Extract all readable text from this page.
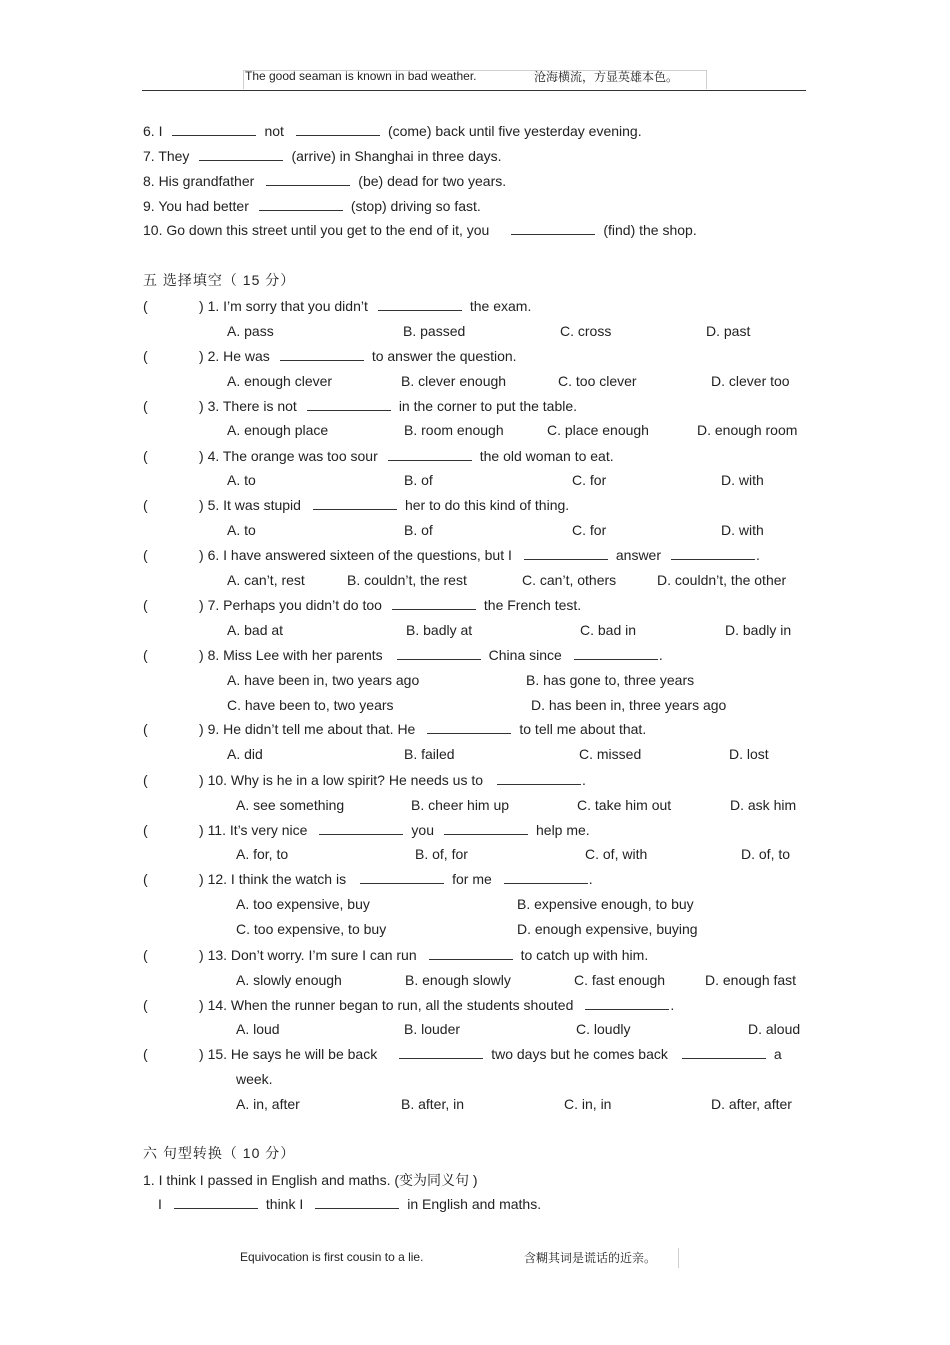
The good seaman is known in bad weather.	沧海横流，方显英雄本色。
6. I	not	(come) back until five yesterday evening.
7. They	(arrive) in Shanghai in three days.
8. His grandfather	(be) dead for two years.
9. You had better	(stop) driving so fast.
10. Go down this street until you get to the end of it, you	(find) the shop.
五 选择填空（ 15 分）
(	) 1. I’m sorry that you didn’t	the exam.
A. pass	B. passed	C. cross	D. past
(	) 2. He was	to answer the question.
A. enough clever	B. clever enough	C. too clever	D. clever too
(	) 3. There is not	in the corner to put the table.
A. enough place	B. room enough	C. place enough	D. enough room
(	) 4. The orange was too sour	the old woman to eat.
A. to	B. of	C. for	D. with
(	) 5. It was stupid	her to do this kind of thing.
A. to	B. of	C. for	D. with
(	) 6. I have answered sixteen of the questions, but I	answer	.
A. can’t, rest	B. couldn’t, the rest	C. can’t, others	D. couldn’t, the other
(	) 7. Perhaps you didn’t do too	the French test.
A. bad at	B. badly at	C. bad in	D. badly in
(	) 8. Miss Lee with her parents	China since	.
A. have been in, two years ago	B. has gone to, three years
C. have been to, two years	D. has been in, three years ago
(	) 9. He didn’t tell me about that. He	to tell me about that.
A. did	B. failed	C. missed	D. lost
(	) 10. Why is he in a low spirit? He needs us to	.
A. see something	B. cheer him up	C. take him out	D. ask him
(	) 11. It’s very nice	you	help me.
A. for, to	B. of, for	C. of, with	D. of, to
(	) 12. I think the watch is	for me	.
A. too expensive, buy	B. expensive enough, to buy
C. too expensive, to buy	D. enough expensive, buying
(	) 13. Don’t worry. I’m sure I can run	to catch up with him.
A. slowly enough	B. enough slowly	C. fast enough	D. enough fast
(	) 14. When the runner began to run, all the students shouted	.
A. loud	B. louder	C. loudly	D. aloud
(	) 15. He says he will be back	two days but he comes back	a
week.
A. in, after	B. after, in	C. in, in	D. after, after
六 句型转换（ 10 分）
1. I think I passed in English and maths. (变为同义句 )
I	think I	in English and maths.
Equivocation is first cousin to a lie.	含糊其词是谎话的近亲。
